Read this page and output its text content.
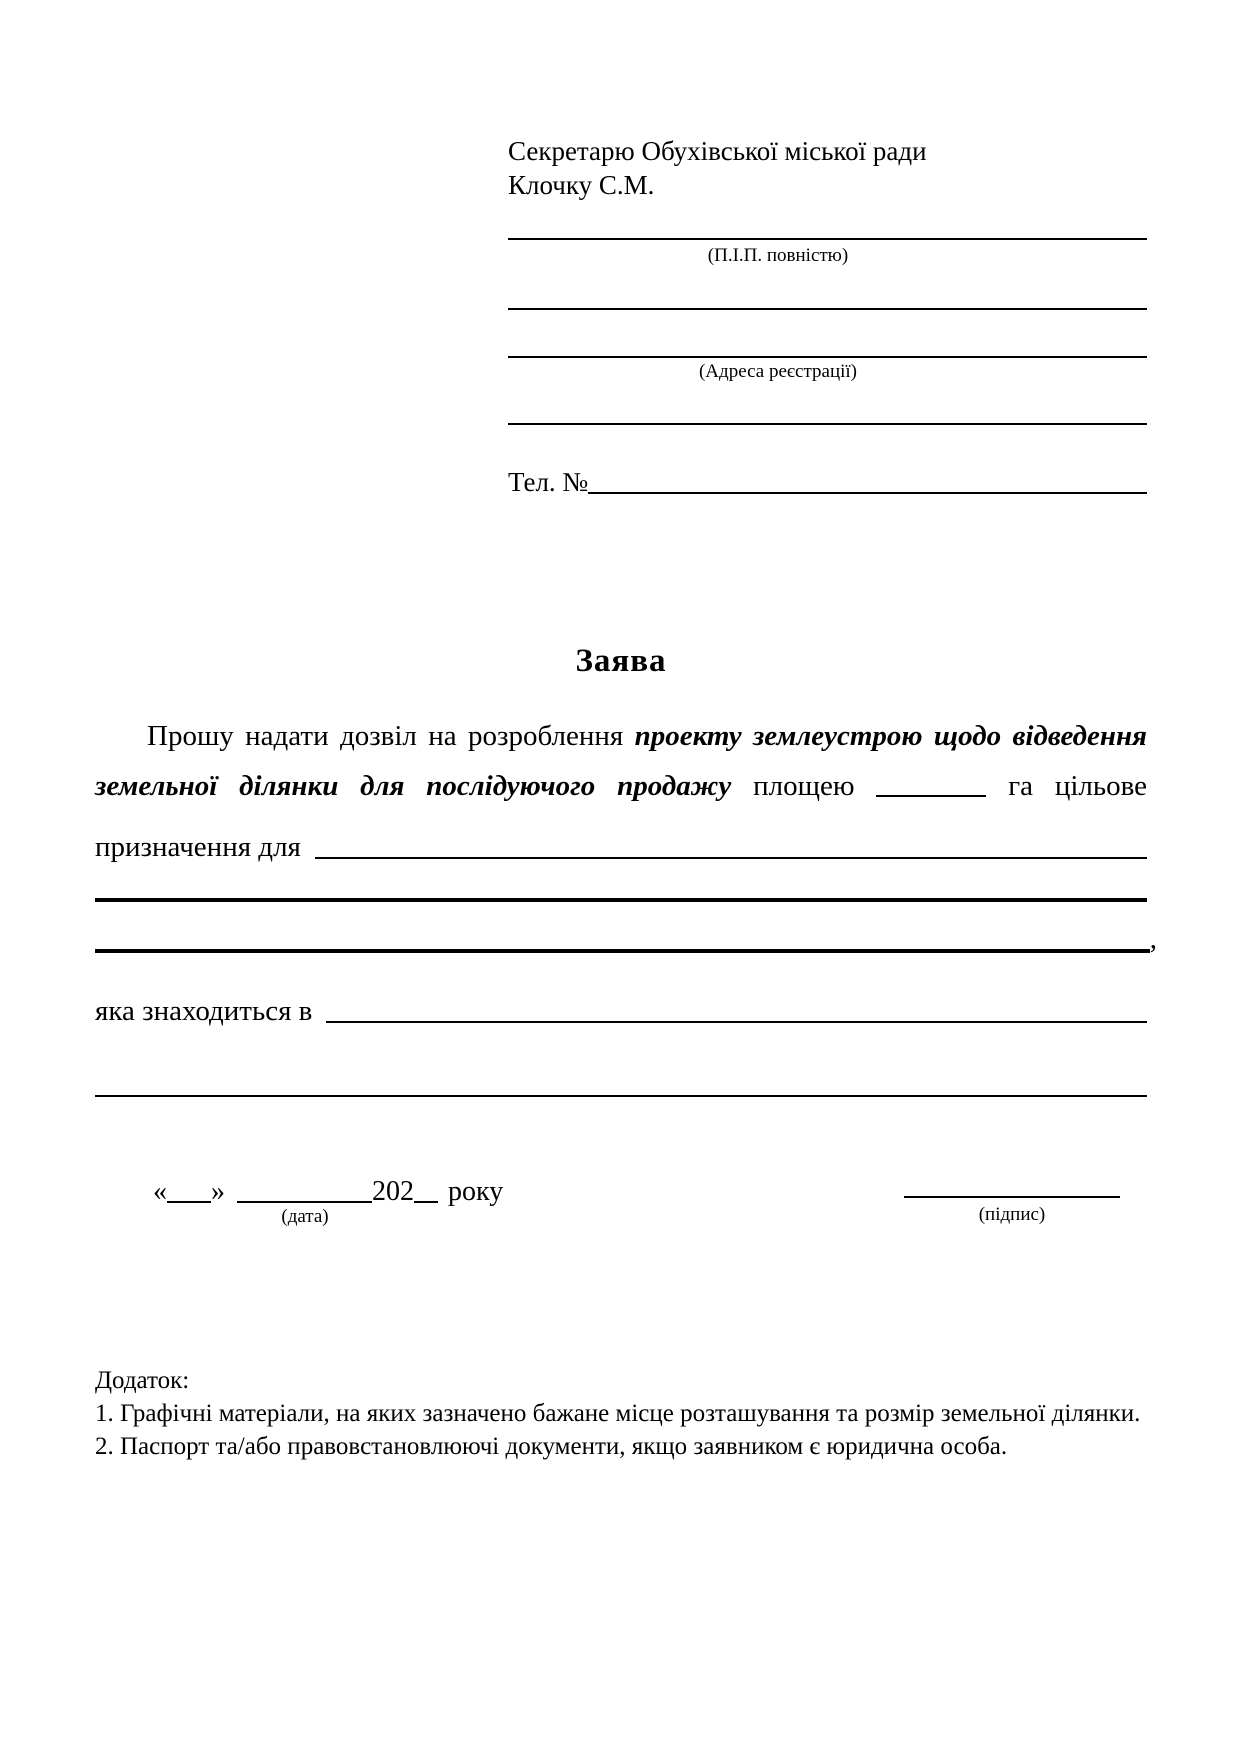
Секретарю Обухівської міської ради
Клочку С.М.
(П.І.П. повністю)
(Адреса реєстрації)
Тел. №
Заява
Прошу надати дозвіл на розроблення проекту землеустрою щодо відведення
земельної ділянки для послідуючого продажу площею	га цільове
призначення для
,
яка знаходиться в
« »	202 року
(дата)	(підпис)
Додаток:
1. Графічні матеріали, на яких зазначено бажане місце розташування та розмір земельної ділянки.
2. Паспорт та/або правовстановлюючі документи, якщо заявником є юридична особа.
